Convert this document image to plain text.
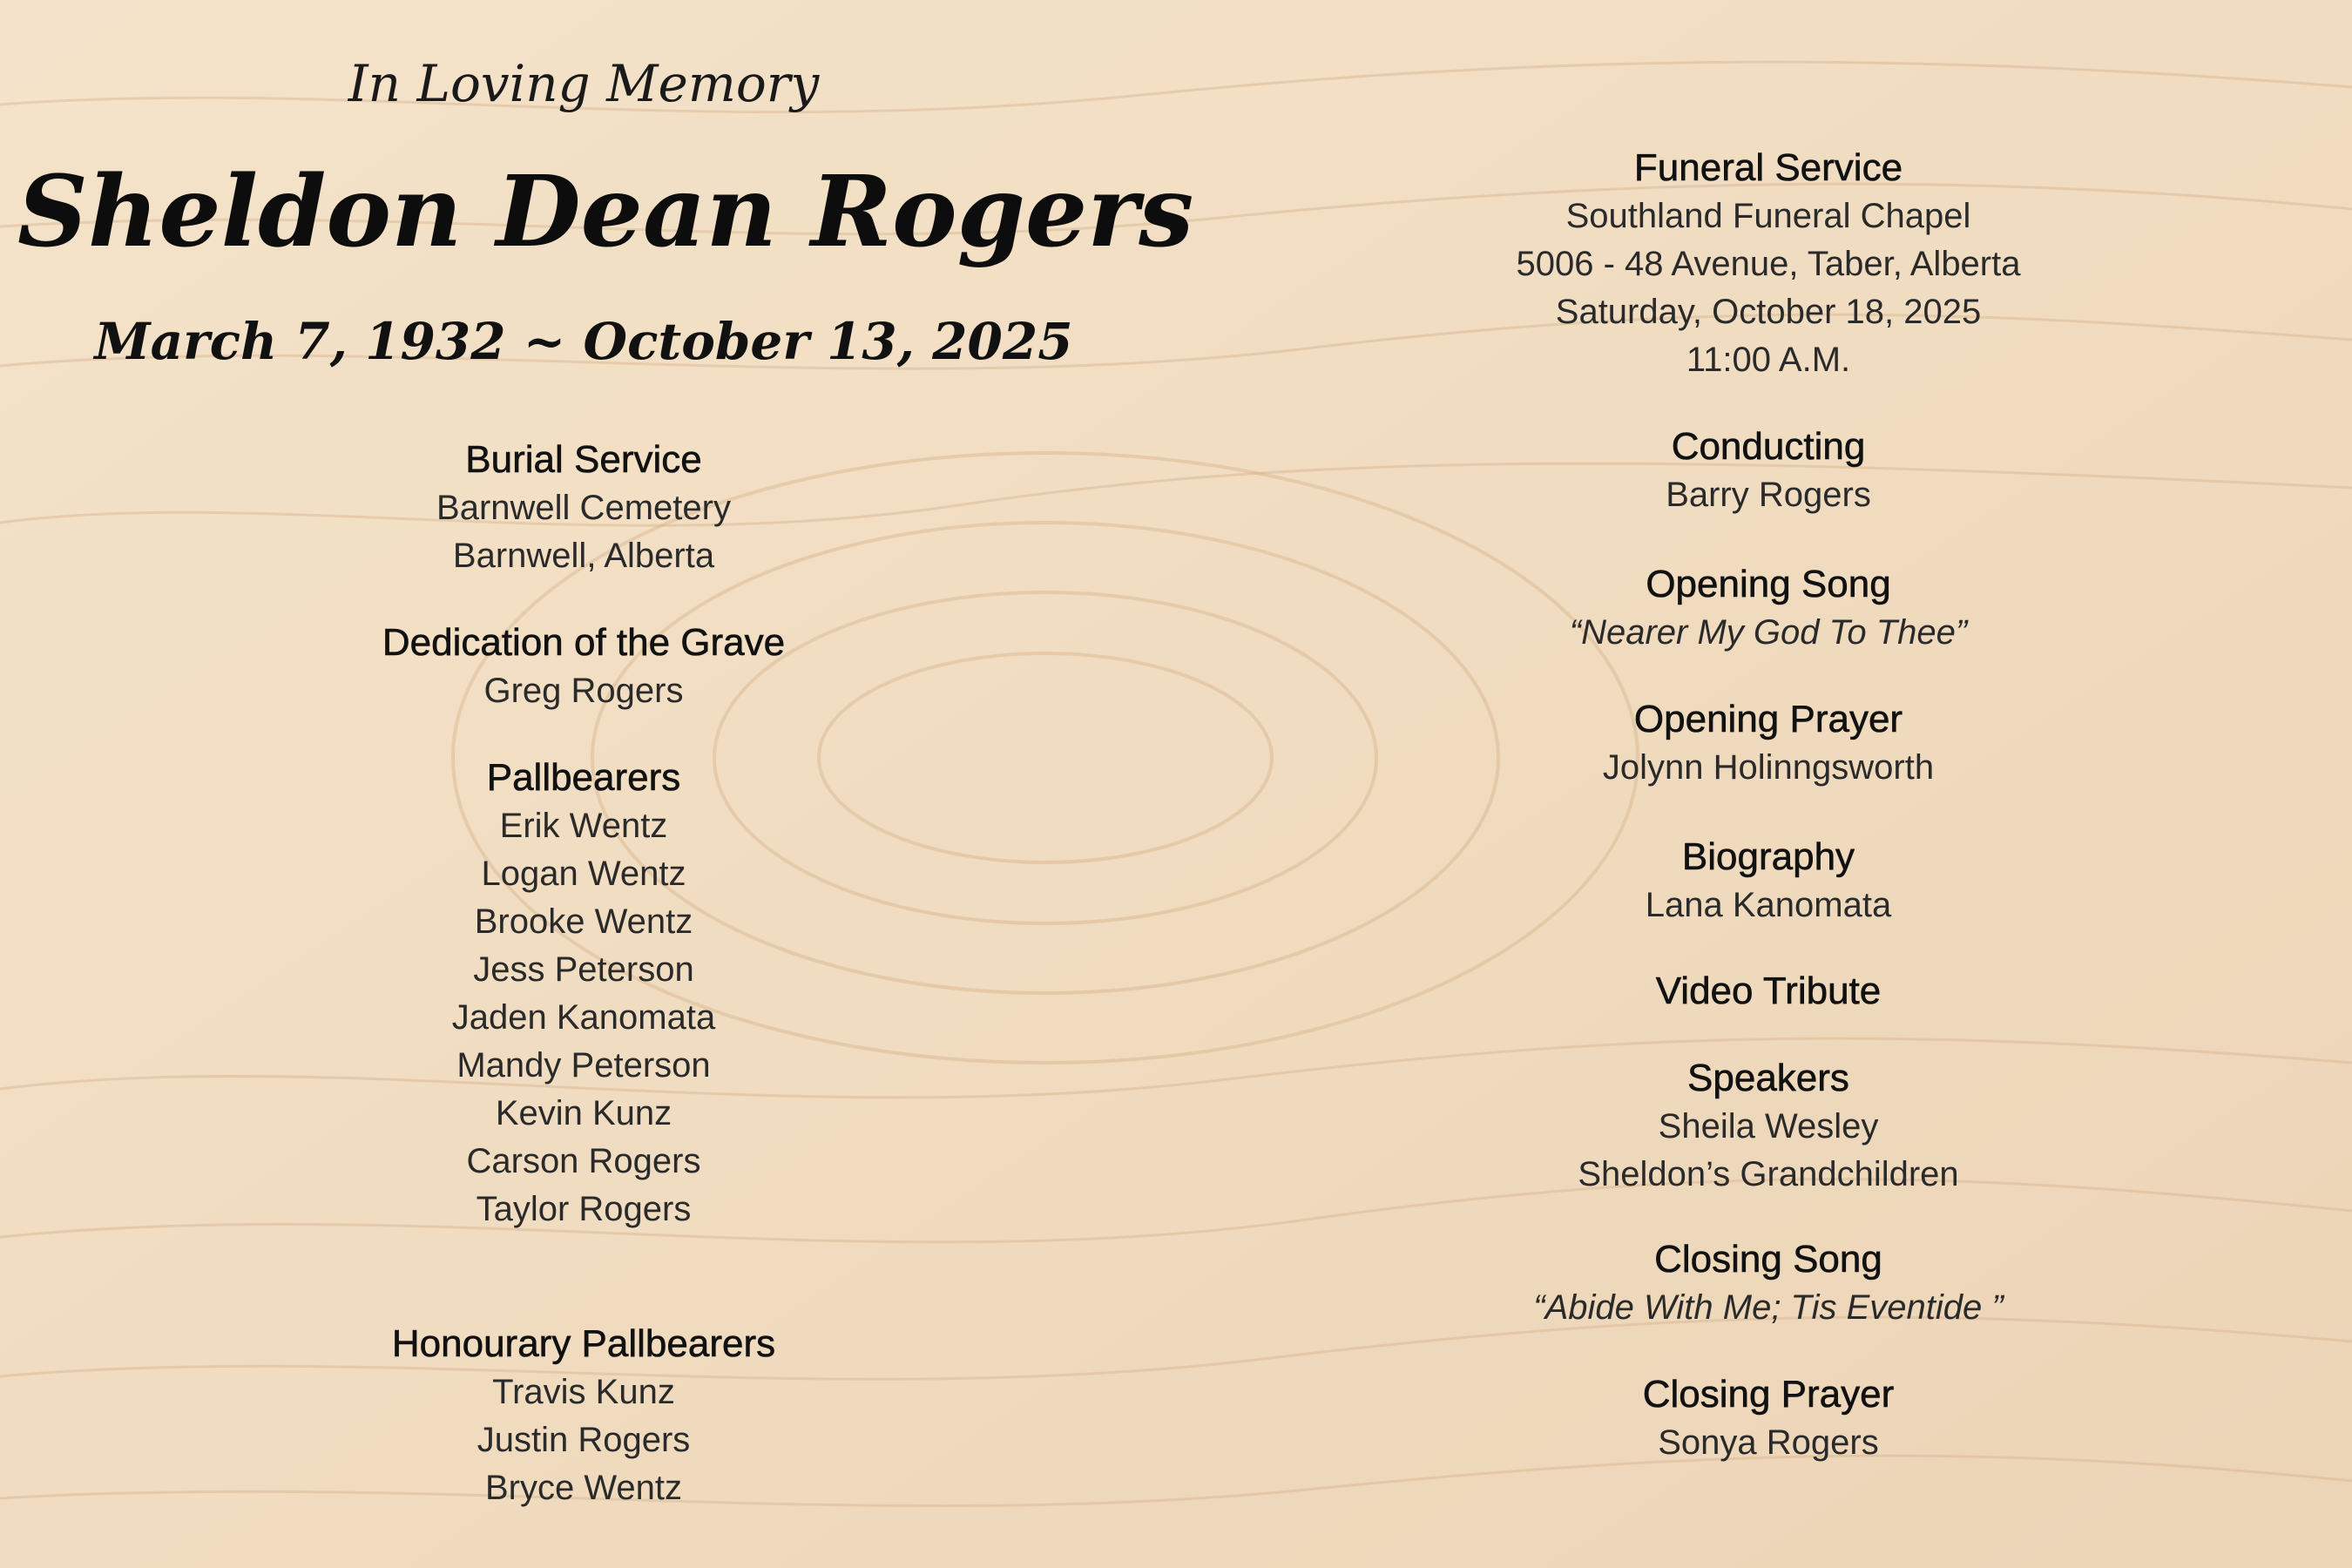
In Loving Memory
Sheldon Dean Rogers
March 7, 1932 ~ October 13, 2025
Burial Service
Barnwell Cemetery
Barnwell, Alberta
Dedication of the Grave
Greg Rogers
Pallbearers
Erik Wentz
Logan Wentz
Brooke Wentz
Jess Peterson
Jaden Kanomata
Mandy Peterson
Kevin Kunz
Carson Rogers
Taylor Rogers
Honourary Pallbearers
Travis Kunz
Justin Rogers
Bryce Wentz
Funeral Service
Southland Funeral Chapel
5006 - 48 Avenue, Taber, Alberta
Saturday, October 18, 2025
11:00 A.M.
Conducting
Barry Rogers
Opening Song
“Nearer My God To Thee”
Opening Prayer
Jolynn Holinngsworth
Biography
Lana Kanomata
Video Tribute
Speakers
Sheila Wesley
Sheldon’s Grandchildren
Closing Song
“Abide With Me; Tis Eventide ”
Closing Prayer
Sonya Rogers
